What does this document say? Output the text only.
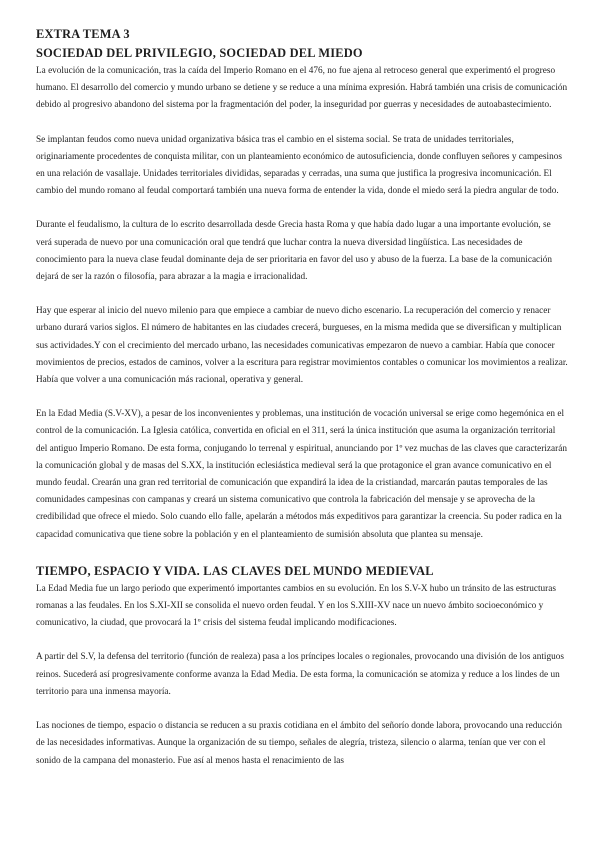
EXTRA TEMA 3
SOCIEDAD DEL PRIVILEGIO, SOCIEDAD DEL MIEDO

La evolución de la comunicación, tras la caída del Imperio Romano en el 476, no fue ajena al retroceso general que experimentó el progreso humano. El desarrollo del comercio y mundo urbano se detiene y se reduce a una mínima expresión. Habrá también una crisis de comunicación debido al progresivo abandono del sistema por la fragmentación del poder, la inseguridad por guerras y necesidades de autoabastecimiento.

Se implantan feudos como nueva unidad organizativa básica tras el cambio en el sistema social. Se trata de unidades territoriales, originariamente procedentes de conquista militar, con un planteamiento económico de autosuficiencia, donde confluyen señores y campesinos en una relación de vasallaje. Unidades territoriales divididas, separadas y cerradas, una suma que justifica la progresiva incomunicación. El cambio del mundo romano al feudal comportará también una nueva forma de entender la vida, donde el miedo será la piedra angular de todo.

Durante el feudalismo, la cultura de lo escrito desarrollada desde Grecia hasta Roma y que había dado lugar a una importante evolución, se verá superada de nuevo por una comunicación oral que tendrá que luchar contra la nueva diversidad lingüística. Las necesidades de conocimiento para la nueva clase feudal dominante deja de ser prioritaria en favor del uso y abuso de la fuerza. La base de la comunicación dejará de ser la razón o filosofía, para abrazar a la magia e irracionalidad.

Hay que esperar al inicio del nuevo milenio para que empiece a cambiar de nuevo dicho escenario. La recuperación del comercio y renacer urbano durará varios siglos. El número de habitantes en las ciudades crecerá, burgueses, en la misma medida que se diversifican y multiplican sus actividades.Y con el crecimiento del mercado urbano, las necesidades comunicativas empezaron de nuevo a cambiar. Había que conocer movimientos de precios, estados de caminos, volver a la escritura para registrar movimientos contables o comunicar los movimientos a realizar. Había que volver a una comunicación más racional, operativa y general.

En la Edad Media (S.V-XV), a pesar de los inconvenientes y problemas, una institución de vocación universal se erige como hegemónica en el control de la comunicación. La Iglesia católica, convertida en oficial en el 311, será la única institución que asuma la organización territorial del antiguo Imperio Romano. De esta forma, conjugando lo terrenal y espiritual, anunciando por 1º vez muchas de las claves que caracterizarán la comunicación global y de masas del S.XX, la institución eclesiástica medieval será la que protagonice el gran avance comunicativo en el mundo feudal. Crearán una gran red territorial de comunicación que expandirá la idea de la cristiandad, marcarán pautas temporales de las comunidades campesinas con campanas y creará un sistema comunicativo que controla la fabricación del mensaje y se aprovecha de la credibilidad que ofrece el miedo. Solo cuando ello falle, apelarán a métodos más expeditivos para garantizar la creencia. Su poder radica en la capacidad comunicativa que tiene sobre la población y en el planteamiento de sumisión absoluta que plantea su mensaje.

TIEMPO, ESPACIO Y VIDA. LAS CLAVES DEL MUNDO MEDIEVAL

La Edad Media fue un largo periodo que experimentó importantes cambios en su evolución. En los S.V-X hubo un tránsito de las estructuras romanas a las feudales. En los S.XI-XII se consolida el nuevo orden feudal. Y en los S.XIII-XV nace un nuevo ámbito socioeconómico y comunicativo, la ciudad, que provocará la 1º crisis del sistema feudal implicando modificaciones.

A partir del S.V, la defensa del territorio (función de realeza) pasa a los príncipes locales o regionales, provocando una división de los antiguos reinos. Sucederá así progresivamente conforme avanza la Edad Media. De esta forma, la comunicación se atomiza y reduce a los lindes de un territorio para una inmensa mayoría.

Las nociones de tiempo, espacio o distancia se reducen a su praxis cotidiana en el ámbito del señorío donde labora, provocando una reducción de las necesidades informativas. Aunque la organización de su tiempo, señales de alegría, tristeza, silencio o alarma, tenían que ver con el sonido de la campana del monasterio. Fue así al menos hasta el renacimiento de las
